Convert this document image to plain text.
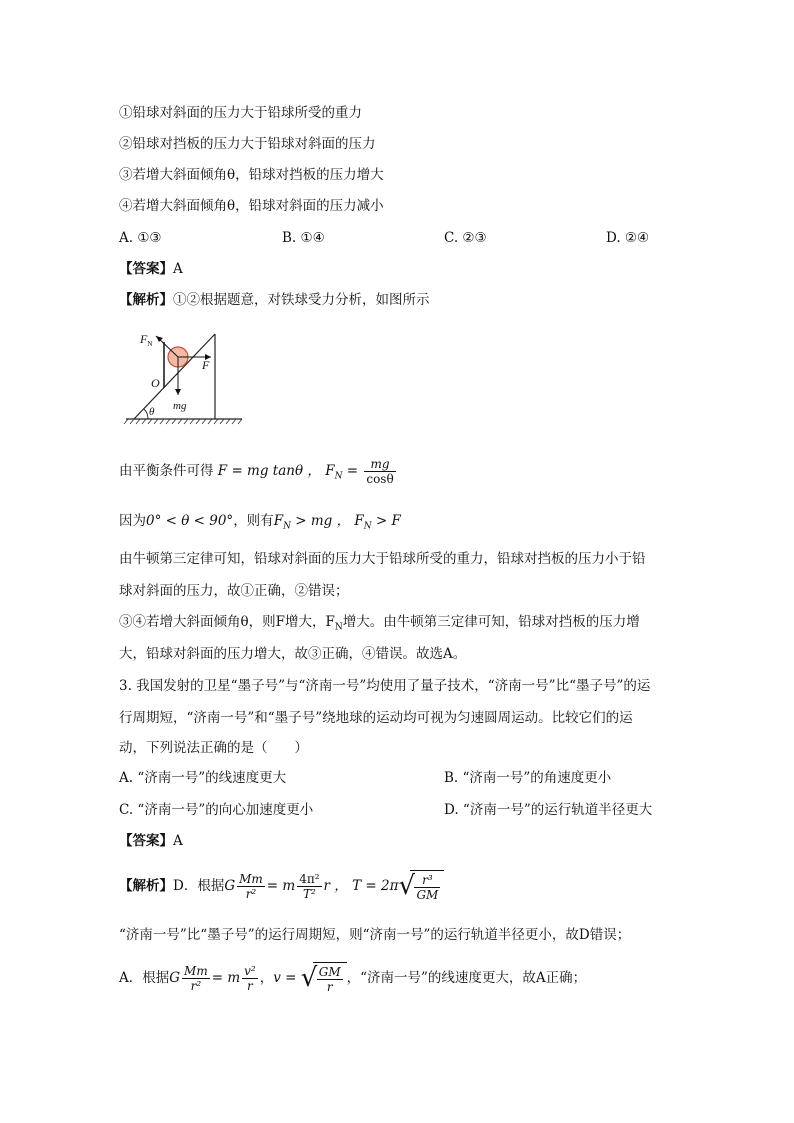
①铅球对斜面的压力大于铅球所受的重力
②铅球对挡板的压力大于铅球对斜面的压力
③若增大斜面倾角θ，铅球对挡板的压力增大
④若增大斜面倾角θ，铅球对斜面的压力减小
A. ①③	B. ①④	C. ②③	D. ②④
【答案】A
【解析】①②根据题意，对铁球受力分析，如图所示
$F_N$
F
O
mg
θ
由平衡条件可得 F = mg tanθ ， $F_N = \frac{mg}{\cos\theta}$
因为0° < θ < 90°，则有$F_N$ > mg ， $F_N > F$
由牛顿第三定律可知，铅球对斜面的压力大于铅球所受的重力，铅球对挡板的压力小于铅
球对斜面的压力，故①正确，②错误；
③④若增大斜面倾角θ，则F增大，$F_N$增大。由牛顿第三定律可知，铅球对挡板的压力增
大，铅球对斜面的压力增大，故③正确，④错误。故选A。
3. 我国发射的卫星“墨子号”与“济南一号”均使用了量子技术，“济南一号”比“墨子号”的运
行周期短，“济南一号”和“墨子号”绕地球的运动均可视为匀速圆周运动。比较它们的运
动，下列说法正确的是（　　）
A. “济南一号”的线速度更大	B. “济南一号”的角速度更小
C. “济南一号”的向心加速度更小	D. “济南一号”的运行轨道半径更大
【答案】A
【解析】D．根据G $\frac{Mm}{\text{r²}} = m \frac{\text{4π²}}{\text{T²}}$ r ， T = 2π √ $\frac{\text{r³}}{GM}$
“济南一号”比“墨子号”的运行周期短，则“济南一号”的运行轨道半径更小，故D错误；
A．根据G $\frac{Mm}{\text{r²}} = m \frac{\text{v²}}{r}$ ，v = √ $\frac{GM}{r}$ ，“济南一号”的线速度更大，故A正确；
